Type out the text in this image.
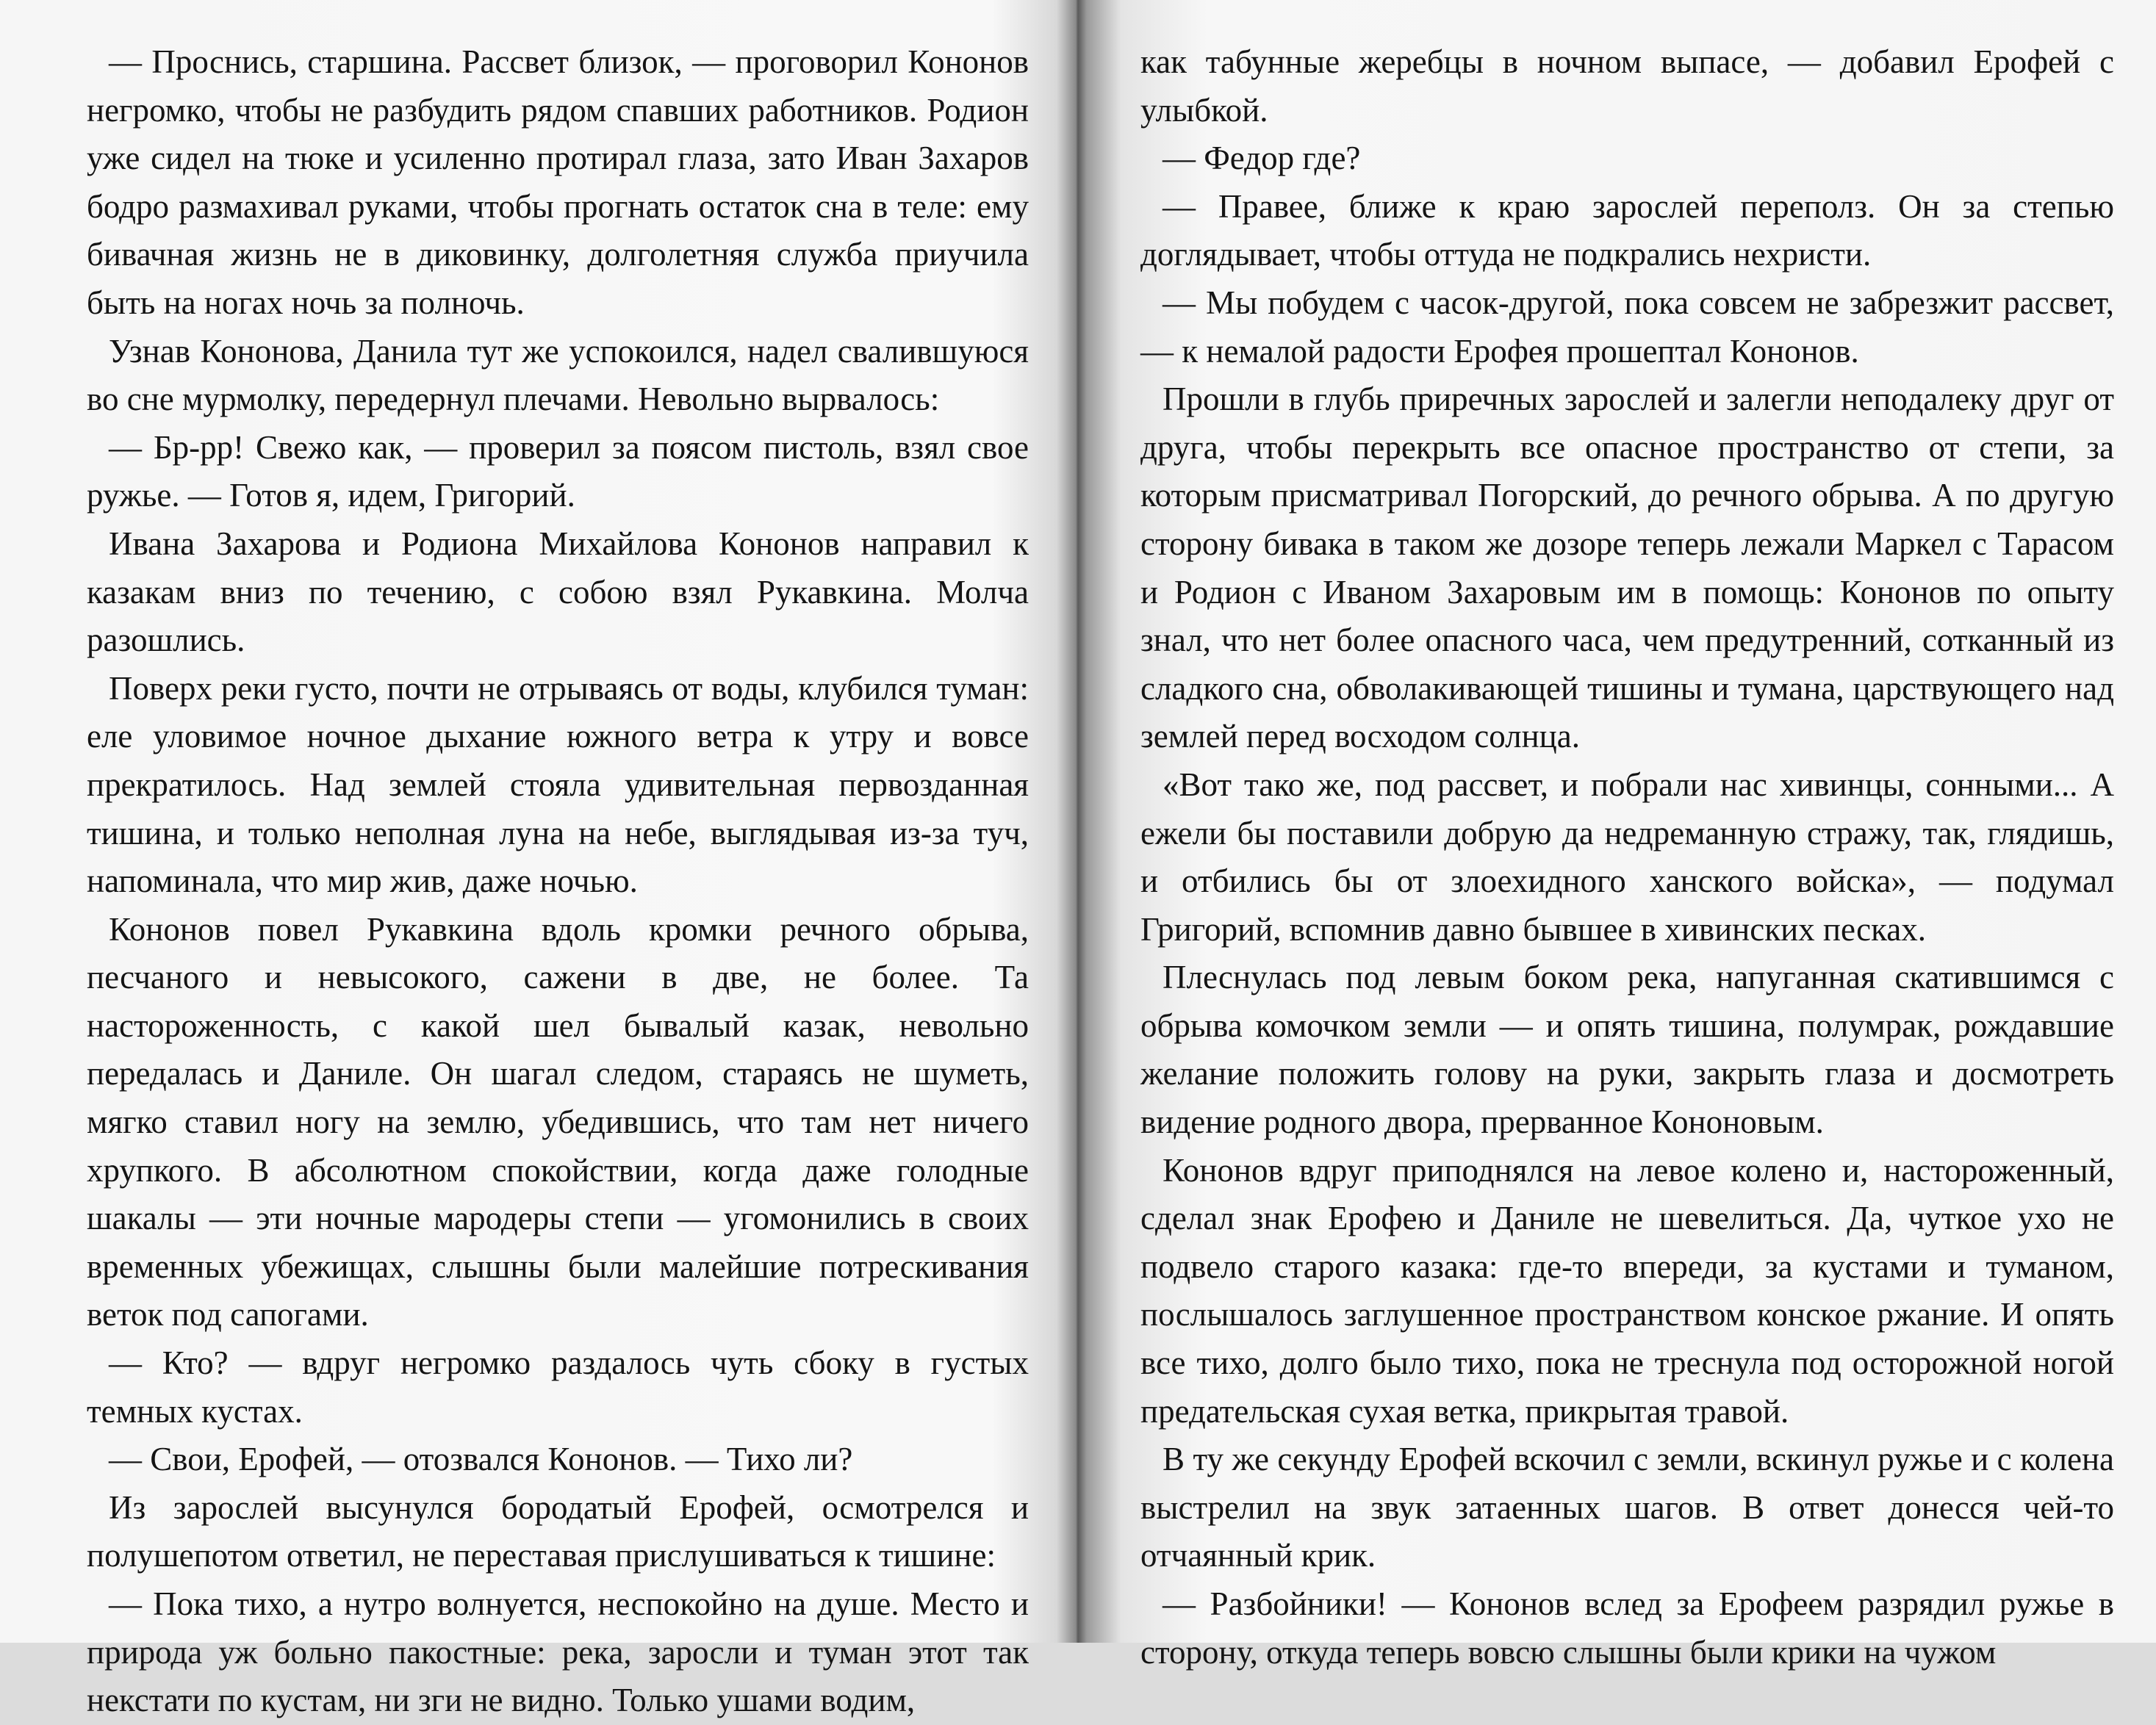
— Проснись, старшина. Рассвет близок, — проговорил Кононов негромко, чтобы не разбудить рядом спавших работников. Родион уже сидел на тюке и усиленно протирал глаза, зато Иван Захаров бодро размахивал руками, чтобы прогнать остаток сна в теле: ему бивачная жизнь не в диковинку, долголетняя служба приучила быть на ногах ночь за полночь.

Узнав Кононова, Данила тут же успокоился, надел свалившуюся во сне мурмолку, передернул плечами. Невольно вырвалось:

— Бр-рр! Свежо как, — проверил за поясом пистоль, взял свое ружье. — Готов я, идем, Григорий.

Ивана Захарова и Родиона Михайлова Кононов направил к казакам вниз по течению, с собою взял Рукавкина. Молча разошлись.

Поверх реки густо, почти не отрываясь от воды, клубился туман: еле уловимое ночное дыхание южного ветра к утру и вовсе прекратилось. Над землей стояла удивительная первозданная тишина, и только неполная луна на небе, выглядывая из-за туч, напоминала, что мир жив, даже ночью.

Кононов повел Рукавкина вдоль кромки речного обрыва, песчаного и невысокого, сажени в две, не более. Та настороженность, с какой шел бывалый казак, невольно передалась и Даниле. Он шагал следом, стараясь не шуметь, мягко ставил ногу на землю, убедившись, что там нет ничего хрупкого. В абсолютном спокойствии, когда даже голодные шакалы — эти ночные мародеры степи — угомонились в своих временных убежищах, слышны были малейшие потрескивания веток под сапогами.

— Кто? — вдруг негромко раздалось чуть сбоку в густых темных кустах.

— Свои, Ерофей, — отозвался Кононов. — Тихо ли?

Из зарослей высунулся бородатый Ерофей, осмотрелся и полушепотом ответил, не переставая прислушиваться к тишине:

— Пока тихо, а нутро волнуется, неспокойно на душе. Место и природа уж больно пакостные: река, заросли и туман этот так некстати по кустам, ни зги не видно. Только ушами водим,

как табунные жеребцы в ночном выпасе, — добавил Ерофей с улыбкой.

— Федор где?

— Правее, ближе к краю зарослей переполз. Он за степью доглядывает, чтобы оттуда не подкрались нехристи.

— Мы побудем с часок-другой, пока совсем не забрезжит рассвет, — к немалой радости Ерофея прошептал Кононов.

Прошли в глубь приречных зарослей и залегли неподалеку друг от друга, чтобы перекрыть все опасное пространство от степи, за которым присматривал Погорский, до речного обрыва. А по другую сторону бивака в таком же дозоре теперь лежали Маркел с Тарасом и Родион с Иваном Захаровым им в помощь: Кононов по опыту знал, что нет более опасного часа, чем предутренний, сотканный из сладкого сна, обволакивающей тишины и тумана, царствующего над землей перед восходом солнца.

«Вот тако же, под рассвет, и побрали нас хивинцы, сонными... А ежели бы поставили добрую да недреманную стражу, так, глядишь, и отбились бы от злоехидного ханского войска», — подумал Григорий, вспомнив давно бывшее в хивинских песках.

Плеснулась под левым боком река, напуганная скатившимся с обрыва комочком земли — и опять тишина, полумрак, рождавшие желание положить голову на руки, закрыть глаза и досмотреть видение родного двора, прерванное Кононовым.

Кононов вдруг приподнялся на левое колено и, настороженный, сделал знак Ерофею и Даниле не шевелиться. Да, чуткое ухо не подвело старого казака: где-то впереди, за кустами и туманом, послышалось заглушенное пространством конское ржание. И опять все тихо, долго было тихо, пока не треснула под осторожной ногой предательская сухая ветка, прикрытая травой.

В ту же секунду Ерофей вскочил с земли, вскинул ружье и с колена выстрелил на звук затаенных шагов. В ответ донесся чей-то отчаянный крик.

— Разбойники! — Кононов вслед за Ерофеем разрядил ружье в сторону, откуда теперь вовсю слышны были крики на чужом
